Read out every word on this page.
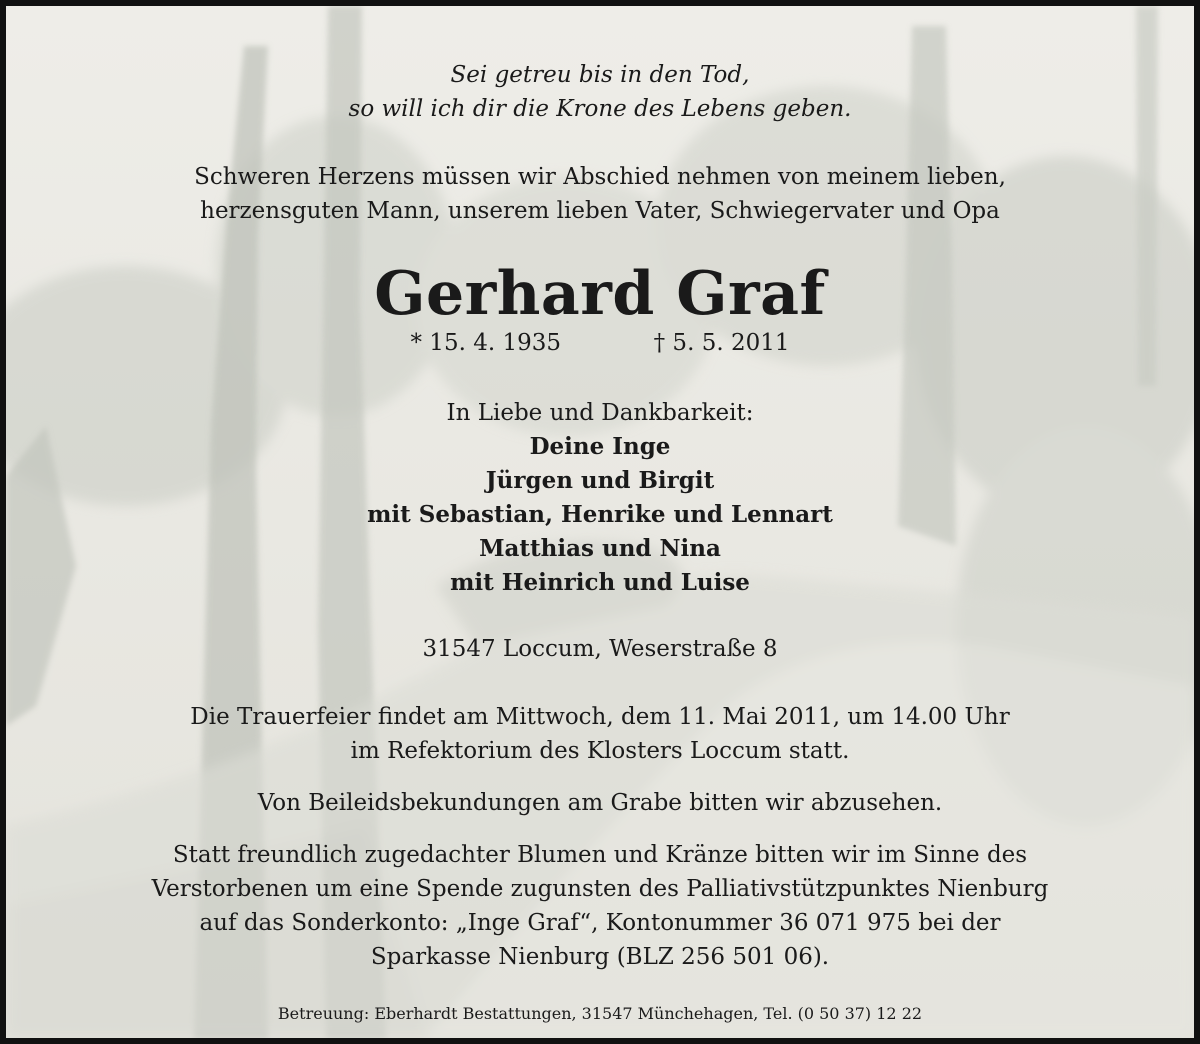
Sei getreu bis in den Tod,
so will ich dir die Krone des Lebens geben.
Schweren Herzens müssen wir Abschied nehmen von meinem lieben,
herzensguten Mann, unserem lieben Vater, Schwiegervater und Opa
Gerhard Graf
* 15. 4. 1935	† 5. 5. 2011
In Liebe und Dankbarkeit:
Deine Inge
Jürgen und Birgit
mit Sebastian, Henrike und Lennart
Matthias und Nina
mit Heinrich und Luise
31547 Loccum, Weserstraße 8
Die Trauerfeier findet am Mittwoch, dem 11. Mai 2011, um 14.00 Uhr
im Refektorium des Klosters Loccum statt.
Von Beileidsbekundungen am Grabe bitten wir abzusehen.
Statt freundlich zugedachter Blumen und Kränze bitten wir im Sinne des
Verstorbenen um eine Spende zugunsten des Palliativstützpunktes Nienburg
auf das Sonderkonto: „Inge Graf“, Kontonummer 36 071 975 bei der
Sparkasse Nienburg (BLZ 256 501 06).
Betreuung: Eberhardt Bestattungen, 31547 Münchehagen, Tel. (0 50 37) 12 22
